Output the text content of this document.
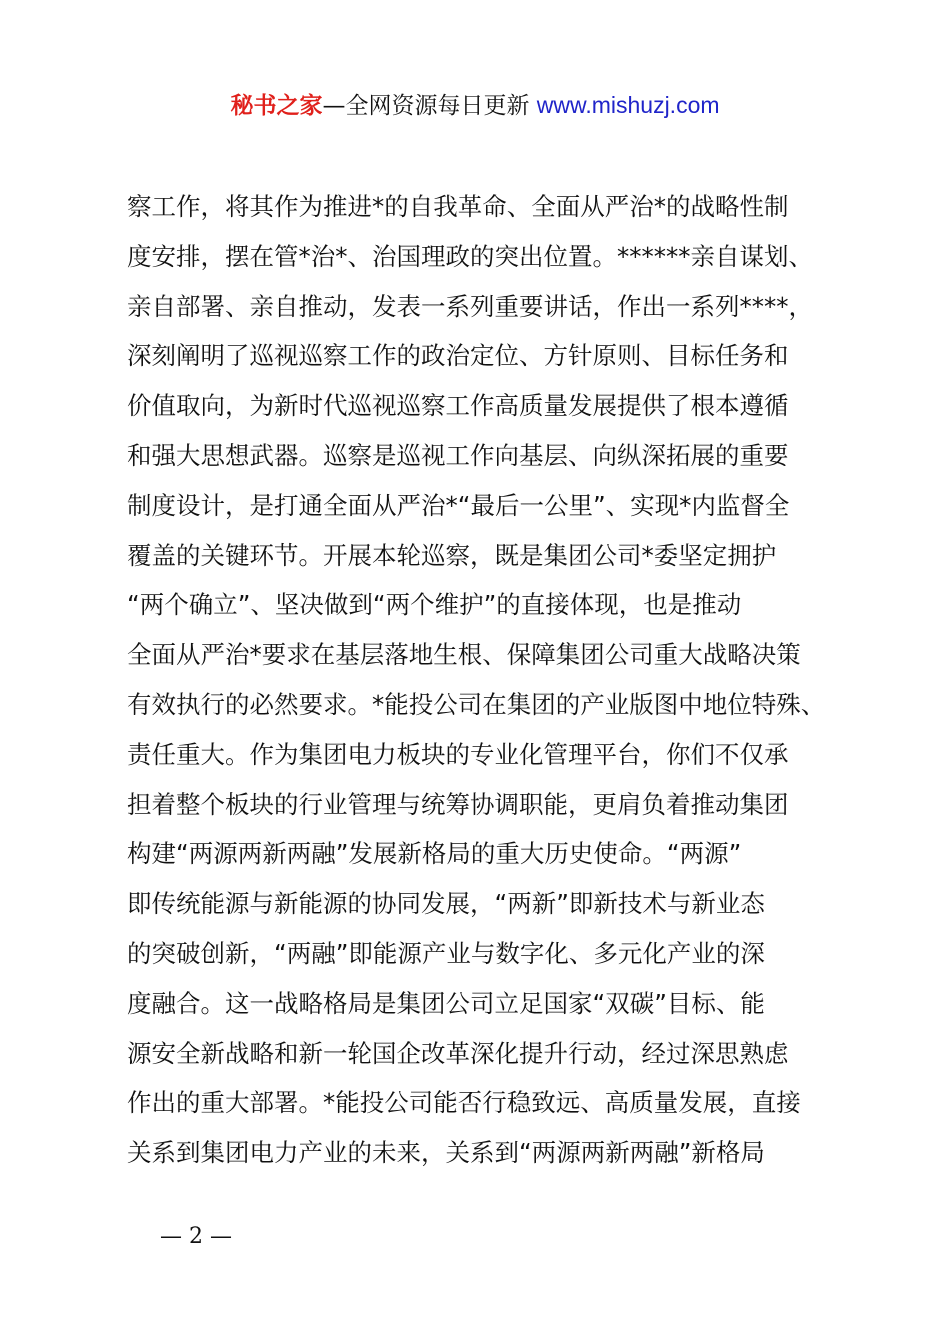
秘书之家—全网资源每日更新 www.mishuzj.com
察工作，将其作为推进*的自我革命、全面从严治*的战略性制
度安排，摆在管*治*、治国理政的突出位置。******亲自谋划、
亲自部署、亲自推动，发表一系列重要讲话，作出一系列****，
深刻阐明了巡视巡察工作的政治定位、方针原则、目标任务和
价值取向，为新时代巡视巡察工作高质量发展提供了根本遵循
和强大思想武器。巡察是巡视工作向基层、向纵深拓展的重要
制度设计，是打通全面从严治*“最后一公里”、实现*内监督全
覆盖的关键环节。开展本轮巡察，既是集团公司*委坚定拥护
“两个确立”、坚决做到“两个维护”的直接体现，也是推动
全面从严治*要求在基层落地生根、保障集团公司重大战略决策
有效执行的必然要求。*能投公司在集团的产业版图中地位特殊、
责任重大。作为集团电力板块的专业化管理平台，你们不仅承
担着整个板块的行业管理与统筹协调职能，更肩负着推动集团
构建“两源两新两融”发展新格局的重大历史使命。“两源”
即传统能源与新能源的协同发展，“两新”即新技术与新业态
的突破创新，“两融”即能源产业与数字化、多元化产业的深
度融合。这一战略格局是集团公司立足国家“双碳”目标、能
源安全新战略和新一轮国企改革深化提升行动，经过深思熟虑
作出的重大部署。*能投公司能否行稳致远、高质量发展，直接
关系到集团电力产业的未来，关系到“两源两新两融”新格局
— 2 —
